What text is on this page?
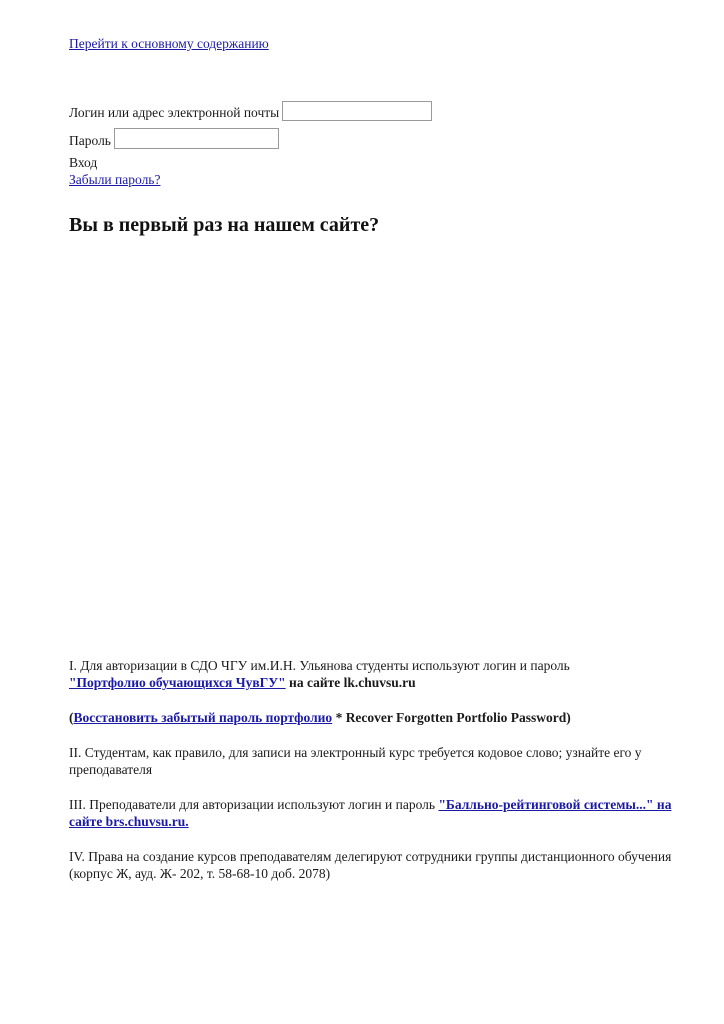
Перейти к основному содержанию
Логин или адрес электронной почты
Пароль
Вход
Забыли пароль?
Вы в первый раз на нашем сайте?

I. Для авторизации в СДО ЧГУ им.И.Н. Ульянова студенты используют логин и пароль
"Портфолио обучающихся ЧувГУ" на сайте lk.chuvsu.ru

(Восстановить забытый пароль портфолио * Recover Forgotten Portfolio Password)

II. Студентам, как правило, для записи на электронный курс требуется кодовое слово; узнайте его у преподавателя

III. Преподаватели для авторизации используют логин и пароль "Балльно-рейтинговой системы..." на сайте brs.chuvsu.ru.

IV. Права на создание курсов преподавателям делегируют сотрудники группы дистанционного обучения (корпус Ж, ауд. Ж- 202, т. 58-68-10 доб. 2078)
